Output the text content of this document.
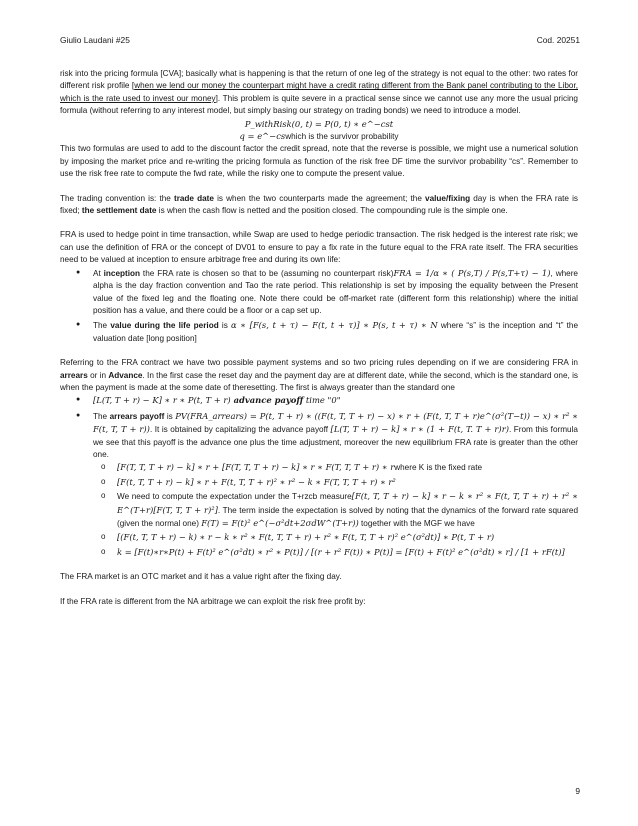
Giulio Laudani #25	Cod. 20251

risk into the pricing formula [CVA]; basically what is happening is that the return of one leg of the strategy is not equal to the other: two rates for different risk profile [when we lend our money the counterpart might have a credit rating different from the Bank panel contributing to the Libor, which is the rate used to invest our money]. This problem is quite severe in a practical sense since we cannot use any more the usual pricing formula (without referring to any interest model, but simply basing our strategy on trading bonds) we need to introduce a model.

P_withRisk(0, t) = P(0, t) ∗ e^−cst
q = e^−cswhich is the survivor probability

This two formulas are used to add to the discount factor the credit spread, note that the reverse is possible, we might use a numerical solution by imposing the market price and re-writing the pricing formula as function of the risk free DF time the survivor probability “cs”. Remember to use the risk free rate to compute the fwd rate, while the risky one to compute the present value.

The trading convention is: the trade date is when the two counterparts made the agreement; the value/fixing day is when the FRA rate is fixed; the settlement date is when the cash flow is netted and the position closed. The compounding rule is the simple one.

FRA is used to hedge point in time transaction, while Swap are used to hedge periodic transaction. The risk hedged is the interest rate risk; we can use the definition of FRA or the concept of DV01 to ensure to pay a fix rate in the future equal to the FRA rate itself. The FRA securities need to be valued at inception to ensure arbitrage free and during its own life:

● At inception the FRA rate is chosen so that to be (assuming no counterpart risk)FRA = 1/α ∗ ( P(s,T) / P(s,T+τ) − 1), where alpha is the day fraction convention and Tao the rate period. This relationship is set by imposing the equality between the Present value of the fixed leg and the floating one. Note there could be off-market rate (different form this relationship) where the initial position has a value, and there could be a floor or a cap set up.
● The value during the life period is α ∗ [F(s, t + τ) − F(t, t + τ)] ∗ P(s, t + τ) ∗ N where “s” is the inception and “t” the valuation date [long position]

Referring to the FRA contract we have two possible payment systems and so two pricing rules depending on if we are considering FRA in arrears or in Advance. In the first case the reset day and the payment day are at different date, while the second, which is the standard one, is when the payment is made at the some date of theresetting. The first is always greater than the standard one

● [L(T, T + r) − K] ∗ r ∗ P(t, T + r) advance payoff time "0"
● The arrears payoff is PV(FRA_arrears) = P(t, T + r) ∗ ((F(t, T, T + r) − x) ∗ r + (F(t, T, T + r)e^(σ²(T−t)) − x) ∗ r² ∗ F(t, T, T + r)). It is obtained by capitalizing the advance payoff [L(T, T + r) − k] ∗ r ∗ (1 + F(t, T. T + r)r). From this formula we see that this payoff is the advance one plus the time adjustment, moreover the new equilibrium FRA rate is greater than the other one.
o [F(T, T, T + r) − k] ∗ r + [F(T, T, T + r) − k] ∗ r ∗ F(T, T, T + r) ∗ rwhere K is the fixed rate
o [F(t, T, T + r) − k] ∗ r + F(t, T, T + r)² ∗ r² − k ∗ F(T, T, T + r) ∗ r²
o We need to compute the expectation under the T+rzcb measure[F(t, T, T + r) − k] ∗ r − k ∗ r² ∗ F(t, T, T + r) + r² ∗ E^(T+r)[F(T, T, T + r)²]. The term inside the expectation is solved by noting that the dynamics of the forward rate squared (given the normal one) F(T) = F(t)² e^(−σ²dt+2σdW^(T+r)) together with the MGF we have
o [(F(t, T, T + r) − k) ∗ r − k ∗ r² ∗ F(t, T, T + r) + r² ∗ F(t, T, T + r)² e^(σ²dt)] ∗ P(t, T + r)
o k = [F(t)∗r∗P(t) + F(t)² e^(σ²dt) ∗ r² ∗ P(t)] / [(r + r² F(t)) ∗ P(t)] = [F(t) + F(t)² e^(σ²dt) ∗ r] / [1 + rF(t)]

The FRA market is an OTC market and it has a value right after the fixing day.

If the FRA rate is different from the NA arbitrage we can exploit the risk free profit by:

9
